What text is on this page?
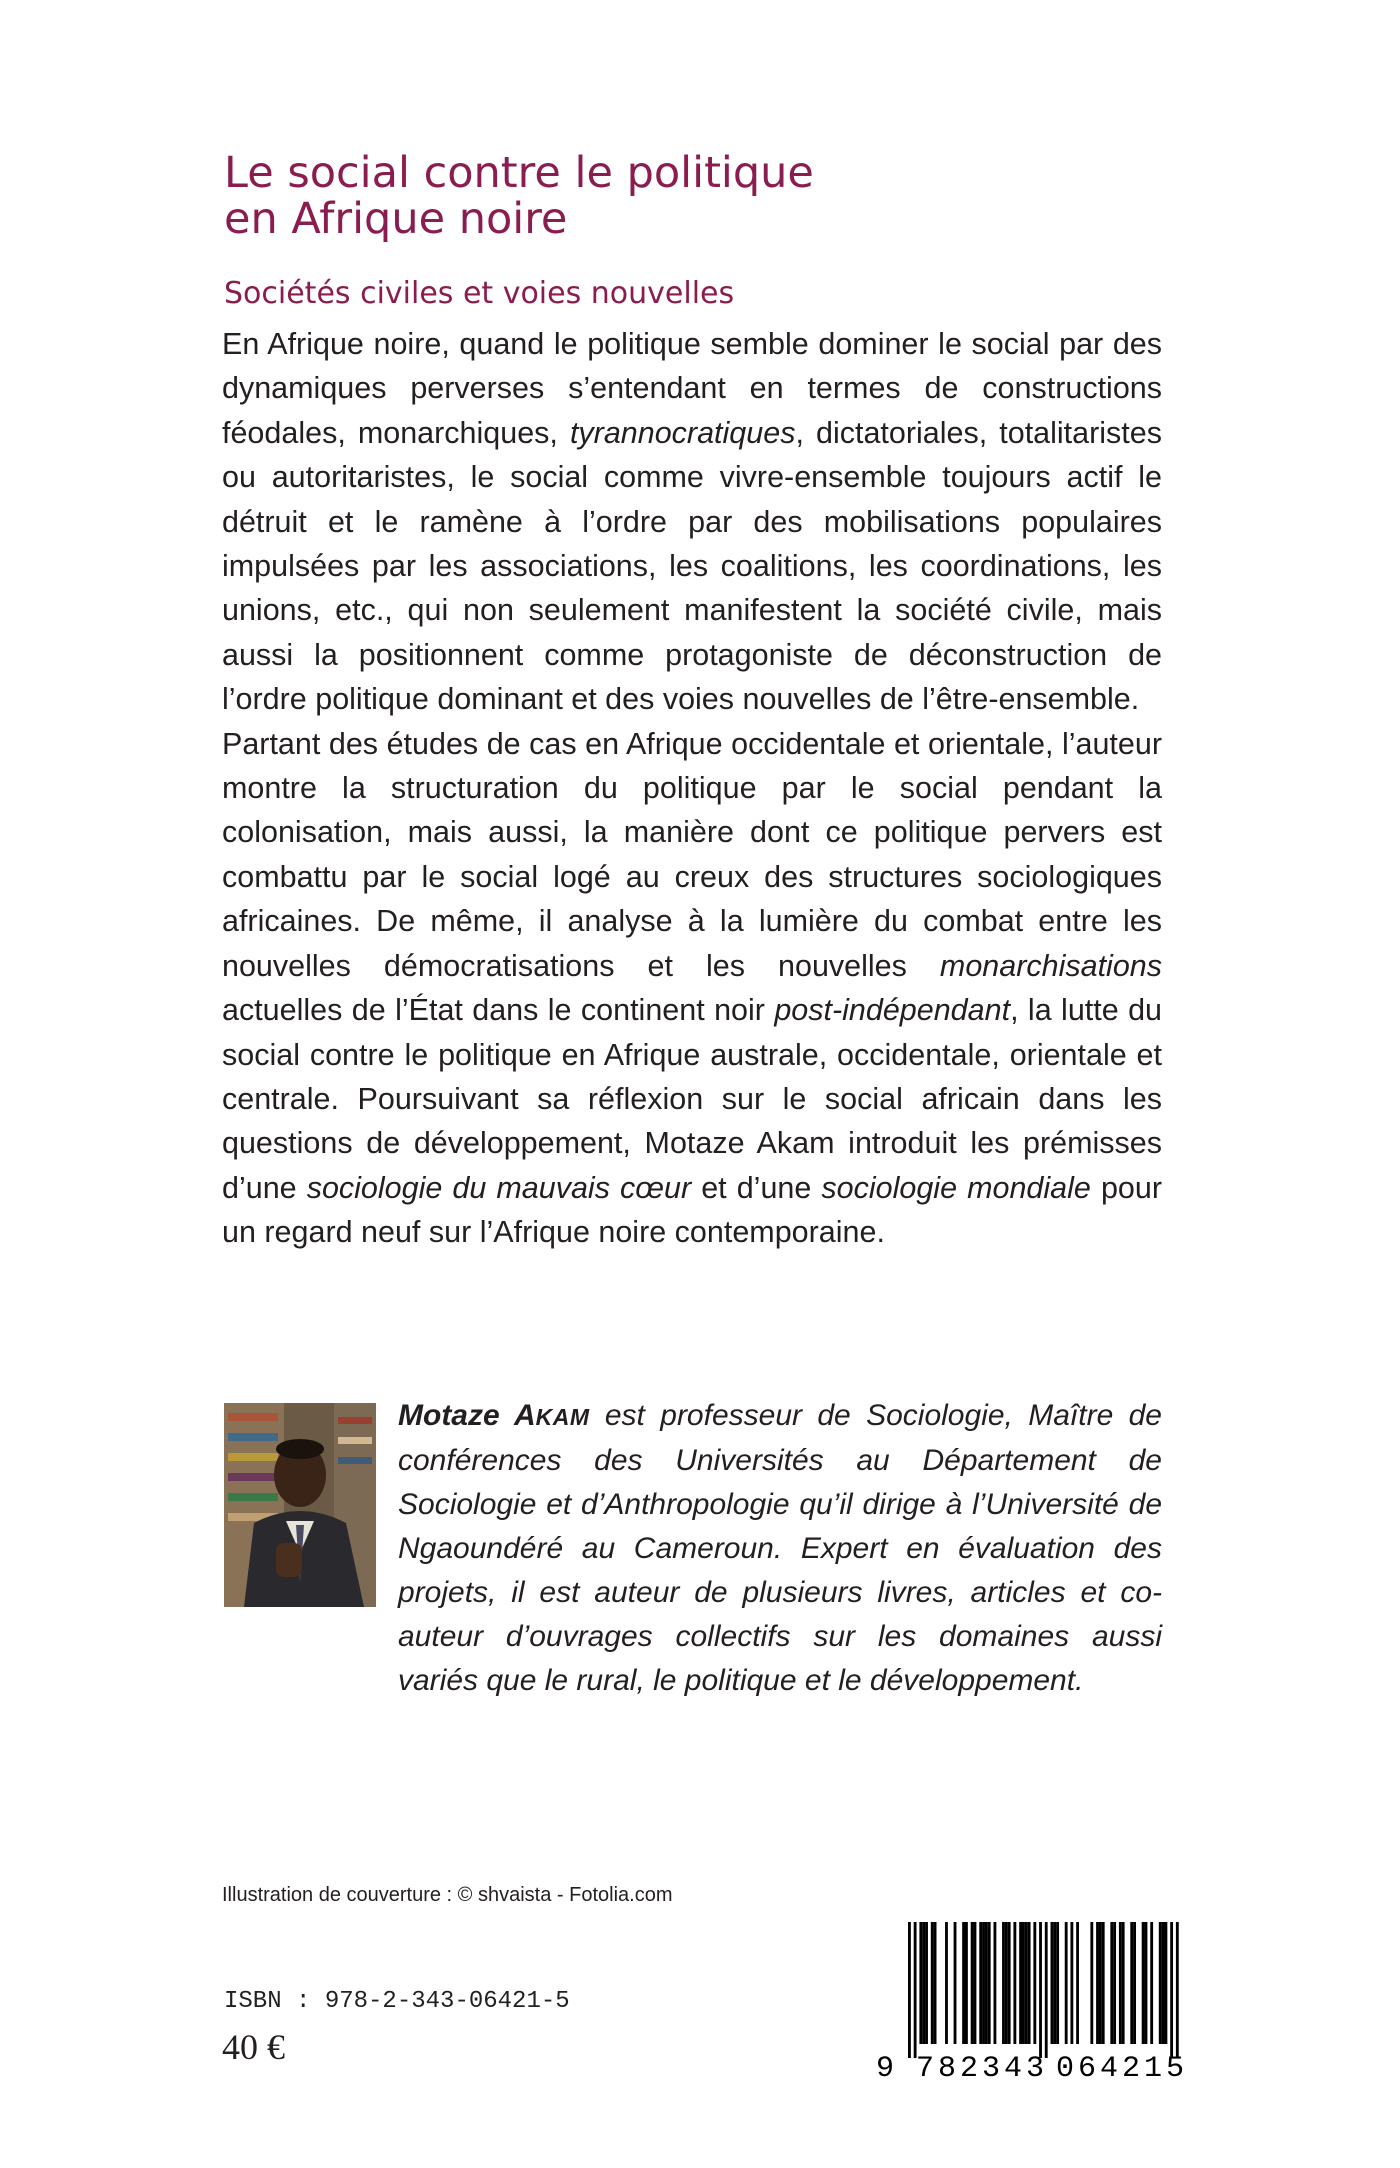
Le social contre le politique
en Afrique noire
Sociétés civiles et voies nouvelles

En Afrique noire, quand le politique semble dominer le social par des dynamiques perverses s’entendant en termes de constructions féodales, monarchiques, tyrannocratiques, dictatoriales, totalitaristes ou autoritaristes, le social comme vivre-ensemble toujours actif le détruit et le ramène à l’ordre par des mobilisations populaires impulsées par les associations, les coalitions, les coordinations, les unions, etc., qui non seulement manifestent la société civile, mais aussi la positionnent comme protagoniste de déconstruction de l’ordre politique dominant et des voies nouvelles de l’être-ensemble.

Partant des études de cas en Afrique occidentale et orientale, l’auteur montre la structuration du politique par le social pendant la colonisation, mais aussi, la manière dont ce politique pervers est combattu par le social logé au creux des structures sociologiques africaines. De même, il analyse à la lumière du combat entre les nouvelles démocratisations et les nouvelles monarchisations actuelles de l’État dans le continent noir post-indépendant, la lutte du social contre le politique en Afrique australe, occidentale, orientale et centrale. Poursuivant sa réflexion sur le social africain dans les questions de développement, Motaze Akam introduit les prémisses d’une sociologie du mauvais cœur et d’une sociologie mondiale pour un regard neuf sur l’Afrique noire contemporaine.

Motaze AKAM est professeur de Sociologie, Maître de conférences des Universités au Département de Sociologie et d’Anthropologie qu’il dirige à l’Université de Ngaoundéré au Cameroun. Expert en évaluation des projets, il est auteur de plusieurs livres, articles et co-auteur d’ouvrages collectifs sur les domaines aussi variés que le rural, le politique et le développement.
Illustration de couverture : © shvaista - Fotolia.com
ISBN : 978-2-343-06421-5
40 €
9 782343 064215
